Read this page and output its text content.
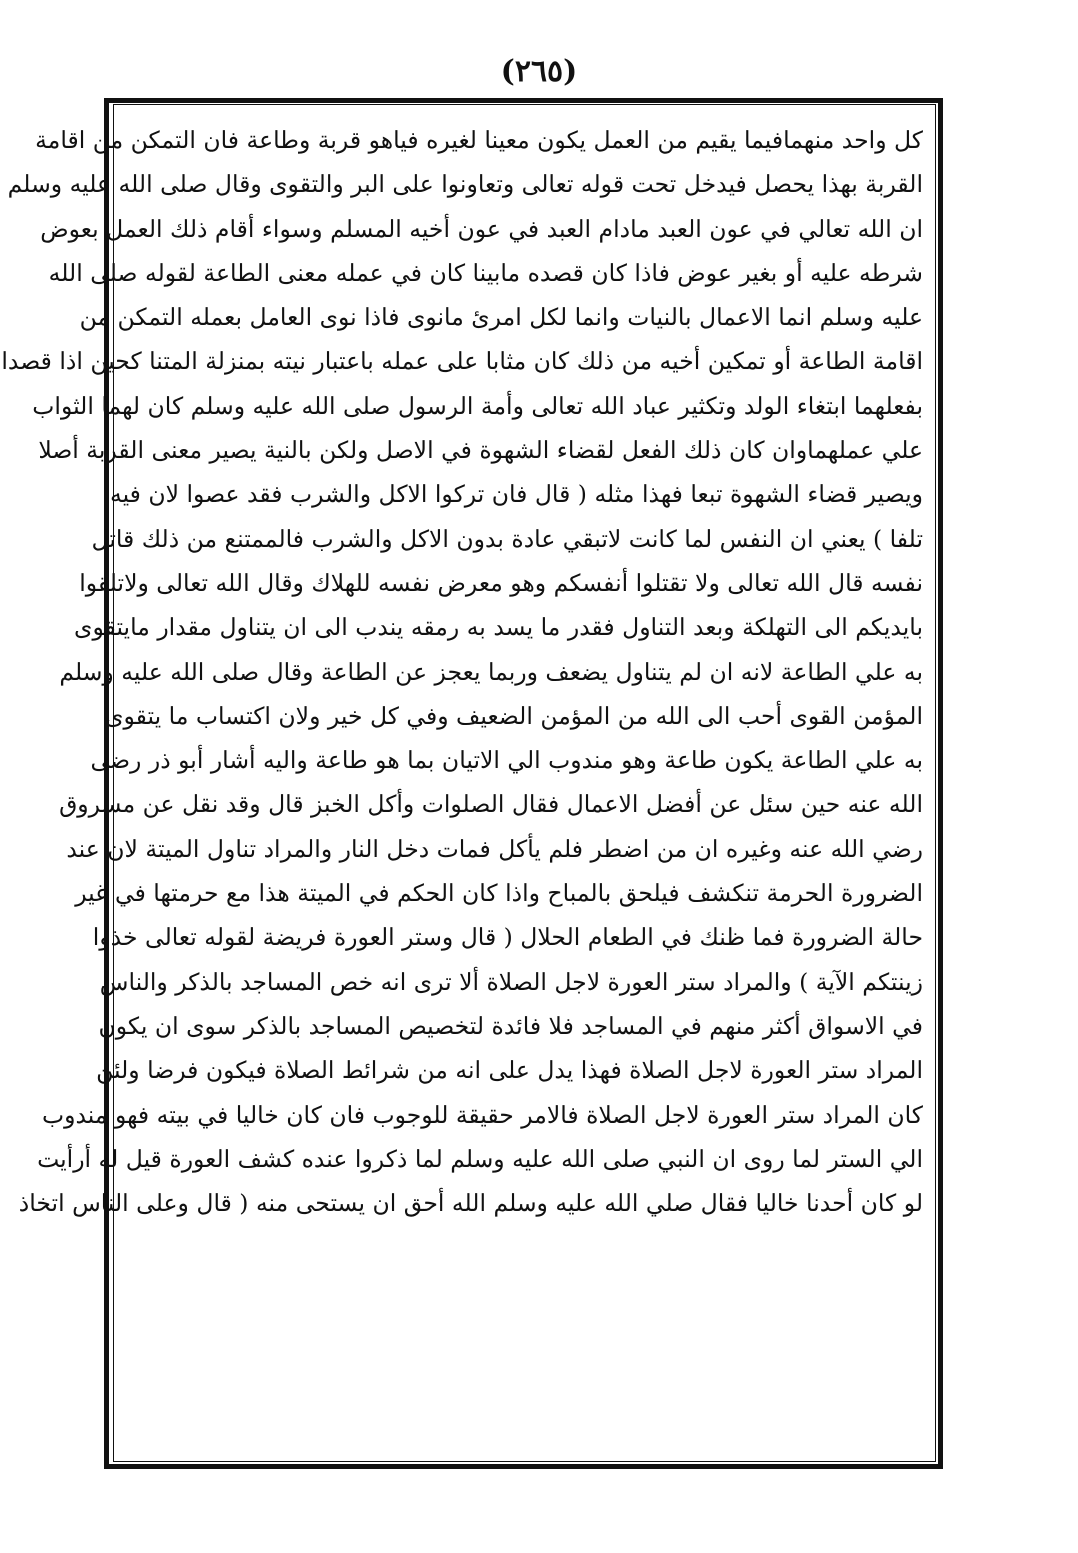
(٢٦٥)
كل واحد منهمافيما يقيم من العمل يكون معينا لغيره فياهو قربة وطاعة فان التمكن من اقامة
القربة بهذا يحصل فيدخل تحت قوله تعالى وتعاونوا على البر والتقوى وقال صلى الله عليه وسلم
ان الله تعالي في عون العبد مادام العبد في عون أخيه المسلم وسواء أقام ذلك العمل بعوض
شرطه عليه أو بغير عوض فاذا كان قصده مابينا كان في عمله معنى الطاعة لقوله صلى الله
عليه وسلم انما الاعمال بالنيات وانما لكل امرئ مانوى فاذا نوى العامل بعمله التمكن من
اقامة الطاعة أو تمكين أخيه من ذلك كان مثابا على عمله باعتبار نيته بمنزلة المتنا كحين اذا قصدا
بفعلهما ابتغاء الولد وتكثير عباد الله تعالى وأمة الرسول صلى الله عليه وسلم كان لهما الثواب
علي عملهماوان كان ذلك الفعل لقضاء الشهوة في الاصل ولكن بالنية يصير معنى القربة أصلا
ويصير قضاء الشهوة تبعا فهذا مثله ( قال فان تركوا الاكل والشرب فقد عصوا لان فيه
تلفا ) يعني ان النفس لما كانت لاتبقي عادة بدون الاكل والشرب فالممتنع من ذلك قاتل
نفسه قال الله تعالى ولا تقتلوا أنفسكم وهو معرض نفسه للهلاك وقال الله تعالى ولاتلقوا
بايديكم الى التهلكة وبعد التناول فقدر ما يسد به رمقه يندب الى ان يتناول مقدار مايتقوى
به علي الطاعة لانه ان لم يتناول يضعف وربما يعجز عن الطاعة وقال صلى الله عليه وسلم
المؤمن القوى أحب الى الله من المؤمن الضعيف وفي كل خير ولان اكتساب ما يتقوى
به علي الطاعة يكون طاعة وهو مندوب الي الاتيان بما هو طاعة واليه أشار أبو ذر رضى
الله عنه حين سئل عن أفضل الاعمال فقال الصلوات وأكل الخبز قال وقد نقل عن مسروق
رضي الله عنه وغيره ان من اضطر فلم يأكل فمات دخل النار والمراد تناول الميتة لان عند
الضرورة الحرمة تنكشف فيلحق بالمباح واذا كان الحكم في الميتة هذا مع حرمتها في غير
حالة الضرورة فما ظنك في الطعام الحلال ( قال وستر العورة فريضة لقوله تعالى خذوا
زينتكم الآية ) والمراد ستر العورة لاجل الصلاة ألا ترى انه خص المساجد بالذكر والناس
في الاسواق أكثر منهم في المساجد فلا فائدة لتخصيص المساجد بالذكر سوى ان يكون
المراد ستر العورة لاجل الصلاة فهذا يدل على انه من شرائط الصلاة فيكون فرضا ولئن
كان المراد ستر العورة لاجل الصلاة فالامر حقيقة للوجوب فان كان خاليا في بيته فهو مندوب
الي الستر لما روى ان النبي صلى الله عليه وسلم لما ذكروا عنده كشف العورة قيل له أرأيت
لو كان أحدنا خاليا فقال صلي الله عليه وسلم الله أحق ان يستحى منه ( قال وعلى الناس اتخاذ
